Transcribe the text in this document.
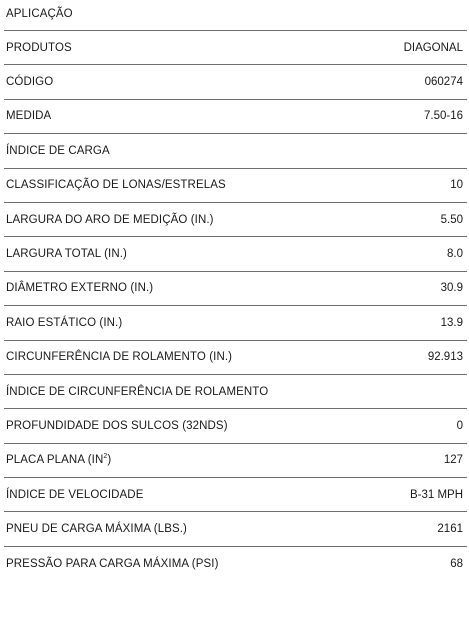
APLICAÇÃO
PRODUTOS	DIAGONAL
CÓDIGO	060274
MEDIDA	7.50-16
ÍNDICE DE CARGA
CLASSIFICAÇÃO DE LONAS/ESTRELAS	10
LARGURA DO ARO DE MEDIÇÃO (IN.)	5.50
LARGURA TOTAL (IN.)	8.0
DIÂMETRO EXTERNO (IN.)	30.9
RAIO ESTÁTICO (IN.)	13.9
CIRCUNFERÊNCIA DE ROLAMENTO (IN.)	92.913
ÍNDICE DE CIRCUNFERÊNCIA DE ROLAMENTO
PROFUNDIDADE DOS SULCOS (32NDS)	0
PLACA PLANA $(IN^2)$	127
ÍNDICE DE VELOCIDADE	B-31 MPH
PNEU DE CARGA MÁXIMA (LBS.)	2161
PRESSÃO PARA CARGA MÁXIMA (PSI)	68
